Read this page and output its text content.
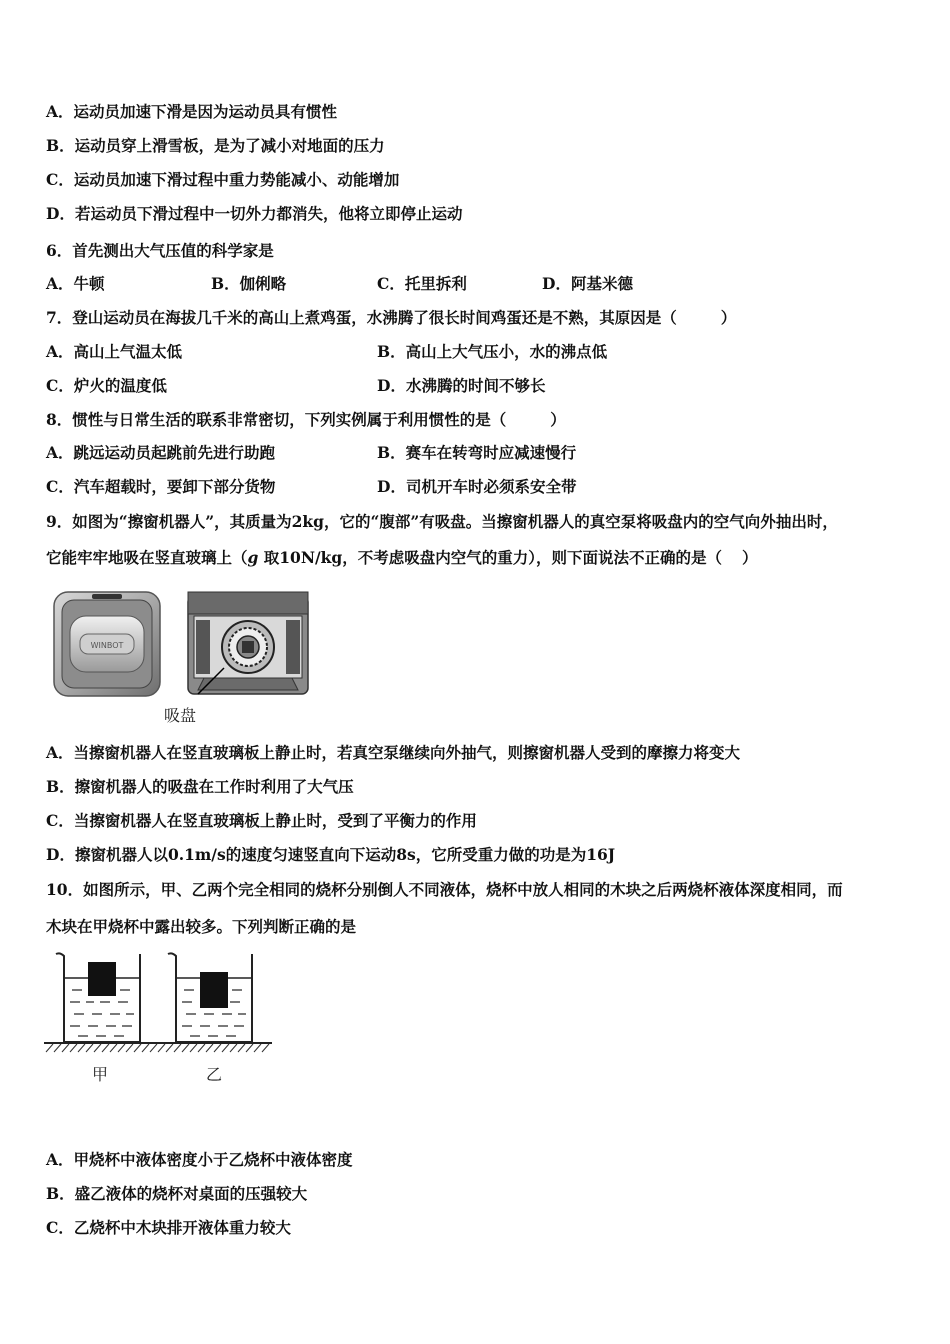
A．运动员加速下滑是因为运动员具有惯性
B．运动员穿上滑雪板，是为了减小对地面的压力
C．运动员加速下滑过程中重力势能减小、动能增加
D．若运动员下滑过程中一切外力都消失，他将立即停止运动
6．首先测出大气压值的科学家是
A．牛顿	B．伽俐略	C．托里拆利	D．阿基米德
7．登山运动员在海拔几千米的高山上煮鸡蛋，水沸腾了很长时间鸡蛋还是不熟，其原因是（	）
A．高山上气温太低	B．高山上大气压小，水的沸点低
C．炉火的温度低	D．水沸腾的时间不够长
8．惯性与日常生活的联系非常密切，下列实例属于利用惯性的是（	）
A．跳远运动员起跳前先进行助跑	B．赛车在转弯时应减速慢行
C．汽车超载时，要卸下部分货物	D．司机开车时必须系安全带
9．如图为“擦窗机器人”，其质量为2kg，它的“腹部”有吸盘。当擦窗机器人的真空泵将吸盘内的空气向外抽出时，
它能牢牢地吸在竖直玻璃上（g 取10N/kg，不考虑吸盘内空气的重力），则下面说法不正确的是（ ）
WINBOT
吸盘
A．当擦窗机器人在竖直玻璃板上静止时，若真空泵继续向外抽气，则擦窗机器人受到的摩擦力将变大
B．擦窗机器人的吸盘在工作时利用了大气压
C．当擦窗机器人在竖直玻璃板上静止时，受到了平衡力的作用
D．擦窗机器人以0.1m/s的速度匀速竖直向下运动8s，它所受重力做的功是为16J
10．如图所示，甲、乙两个完全相同的烧杯分别倒人不同液体，烧杯中放人相同的木块之后两烧杯液体深度相同，而
木块在甲烧杯中露出较多。下列判断正确的是
甲	乙
A．甲烧杯中液体密度小于乙烧杯中液体密度
B．盛乙液体的烧杯对桌面的压强较大
C．乙烧杯中木块排开液体重力较大
